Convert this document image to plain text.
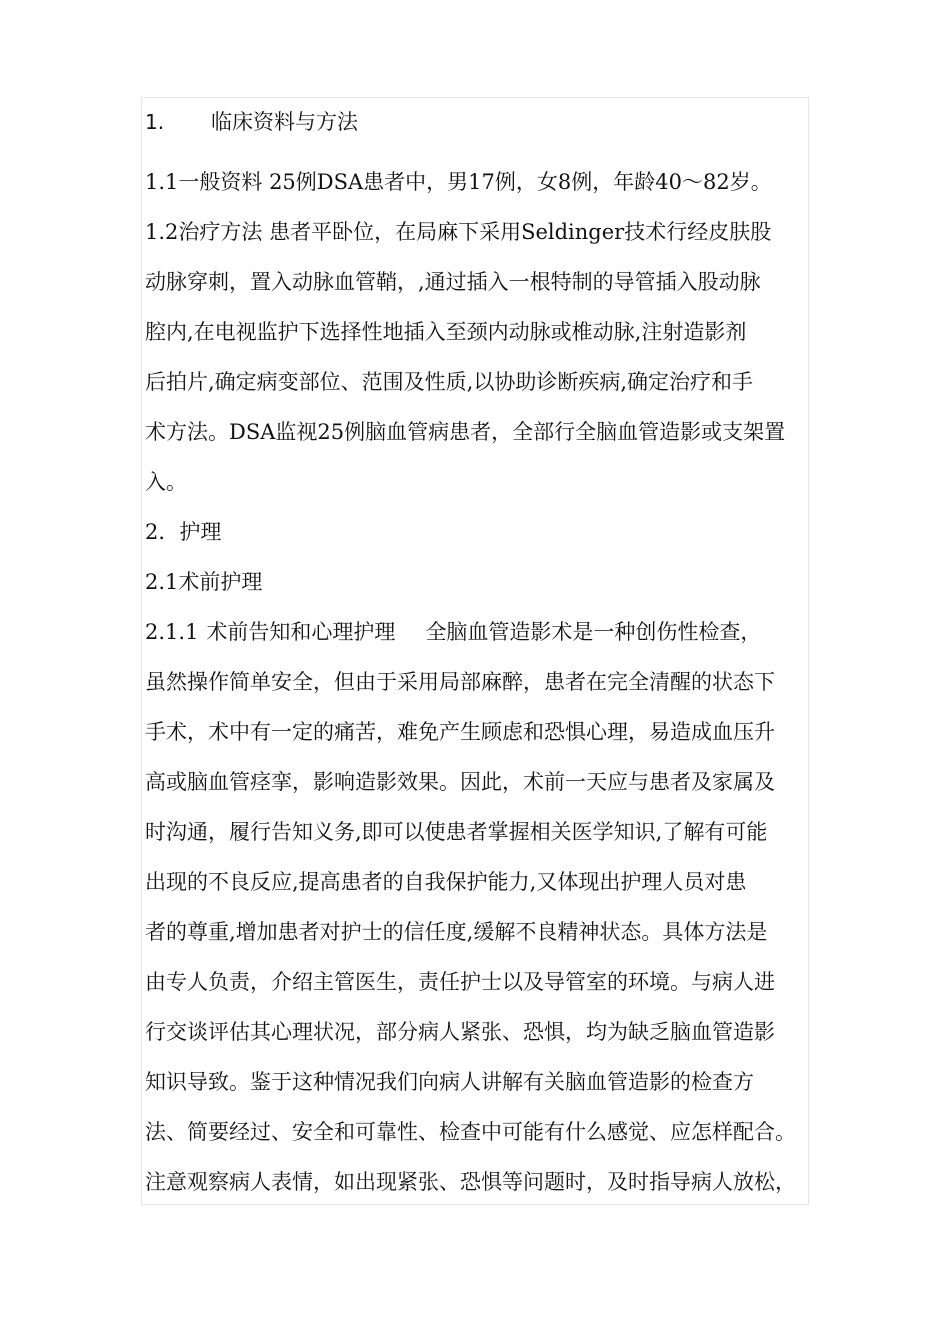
1. 临床资料与方法
1.1一般资料 25例DSA患者中，男17例，女8例，年龄40～82岁。
1.2治疗方法 患者平卧位，在局麻下采用Seldinger技术行经皮肤股
动脉穿刺，置入动脉血管鞘，,通过插入一根特制的导管插入股动脉
腔内,在电视监护下选择性地插入至颈内动脉或椎动脉,注射造影剂
后拍片,确定病变部位、范围及性质,以协助诊断疾病,确定治疗和手
术方法。DSA监视25例脑血管病患者，全部行全脑血管造影或支架置
入。
2．护理
2.1术前护理
2.1.1 术前告知和心理护理 全脑血管造影术是一种创伤性检查，
虽然操作简单安全，但由于采用局部麻醉，患者在完全清醒的状态下
手术，术中有一定的痛苦，难免产生顾虑和恐惧心理，易造成血压升
高或脑血管痉挛，影响造影效果。因此，术前一天应与患者及家属及
时沟通，履行告知义务,即可以使患者掌握相关医学知识,了解有可能
出现的不良反应,提高患者的自我保护能力,又体现出护理人员对患
者的尊重,增加患者对护士的信任度,缓解不良精神状态。具体方法是
由专人负责，介绍主管医生，责任护士以及导管室的环境。与病人进
行交谈评估其心理状况，部分病人紧张、恐惧，均为缺乏脑血管造影
知识导致。鉴于这种情况我们向病人讲解有关脑血管造影的检查方
法、简要经过、安全和可靠性、检查中可能有什么感觉、应怎样配合。
注意观察病人表情，如出现紧张、恐惧等问题时，及时指导病人放松，
